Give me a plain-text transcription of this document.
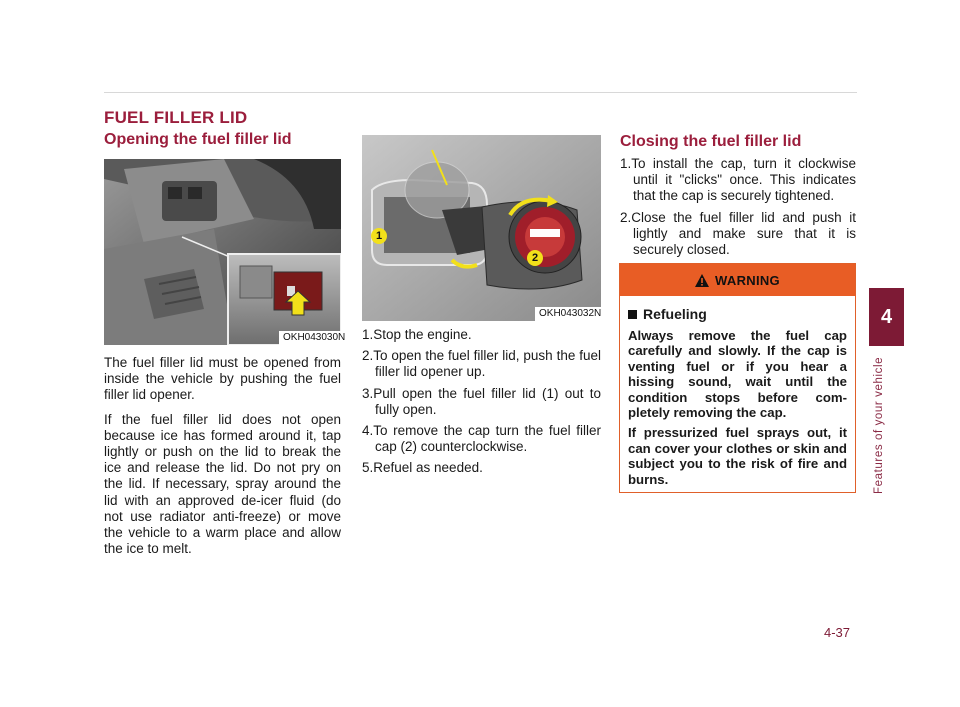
FUEL FILLER LID
Opening the fuel filler lid
OKH043030N

The fuel filler lid must be opened from inside the vehicle by pushing the fuel filler lid opener.

If the fuel filler lid does not open because ice has formed around it, tap lightly or push on the lid to break the ice and release the lid. Do not pry on the lid. If necessary, spray around the lid with an approved de-icer fluid (do not use radiator anti-freeze) or move the vehicle to a warm place and allow the ice to melt.

1
2
OKH043032N
1.Stop the engine.
2.To open the fuel filler lid, push the fuel filler lid opener up.
3.Pull open the fuel filler lid (1) out to fully open.
4.To remove the cap turn the fuel filler cap (2) counterclockwise.
5.Refuel as needed.
Closing the fuel filler lid
1.To install the cap, turn it clockwise until it "clicks" once. This indicates that the cap is securely tightened.
2.Close the fuel filler lid and push it lightly and make sure that it is securely closed.
WARNING
Refueling

Always remove the fuel cap carefully and slowly. If the cap is venting fuel or if you hear a hissing sound, wait until the condition stops before com- pletely removing the cap.

If pressurized fuel sprays out, it can cover your clothes or skin and subject you to the risk of fire and burns.

4
Features of your vehicle
4-37
